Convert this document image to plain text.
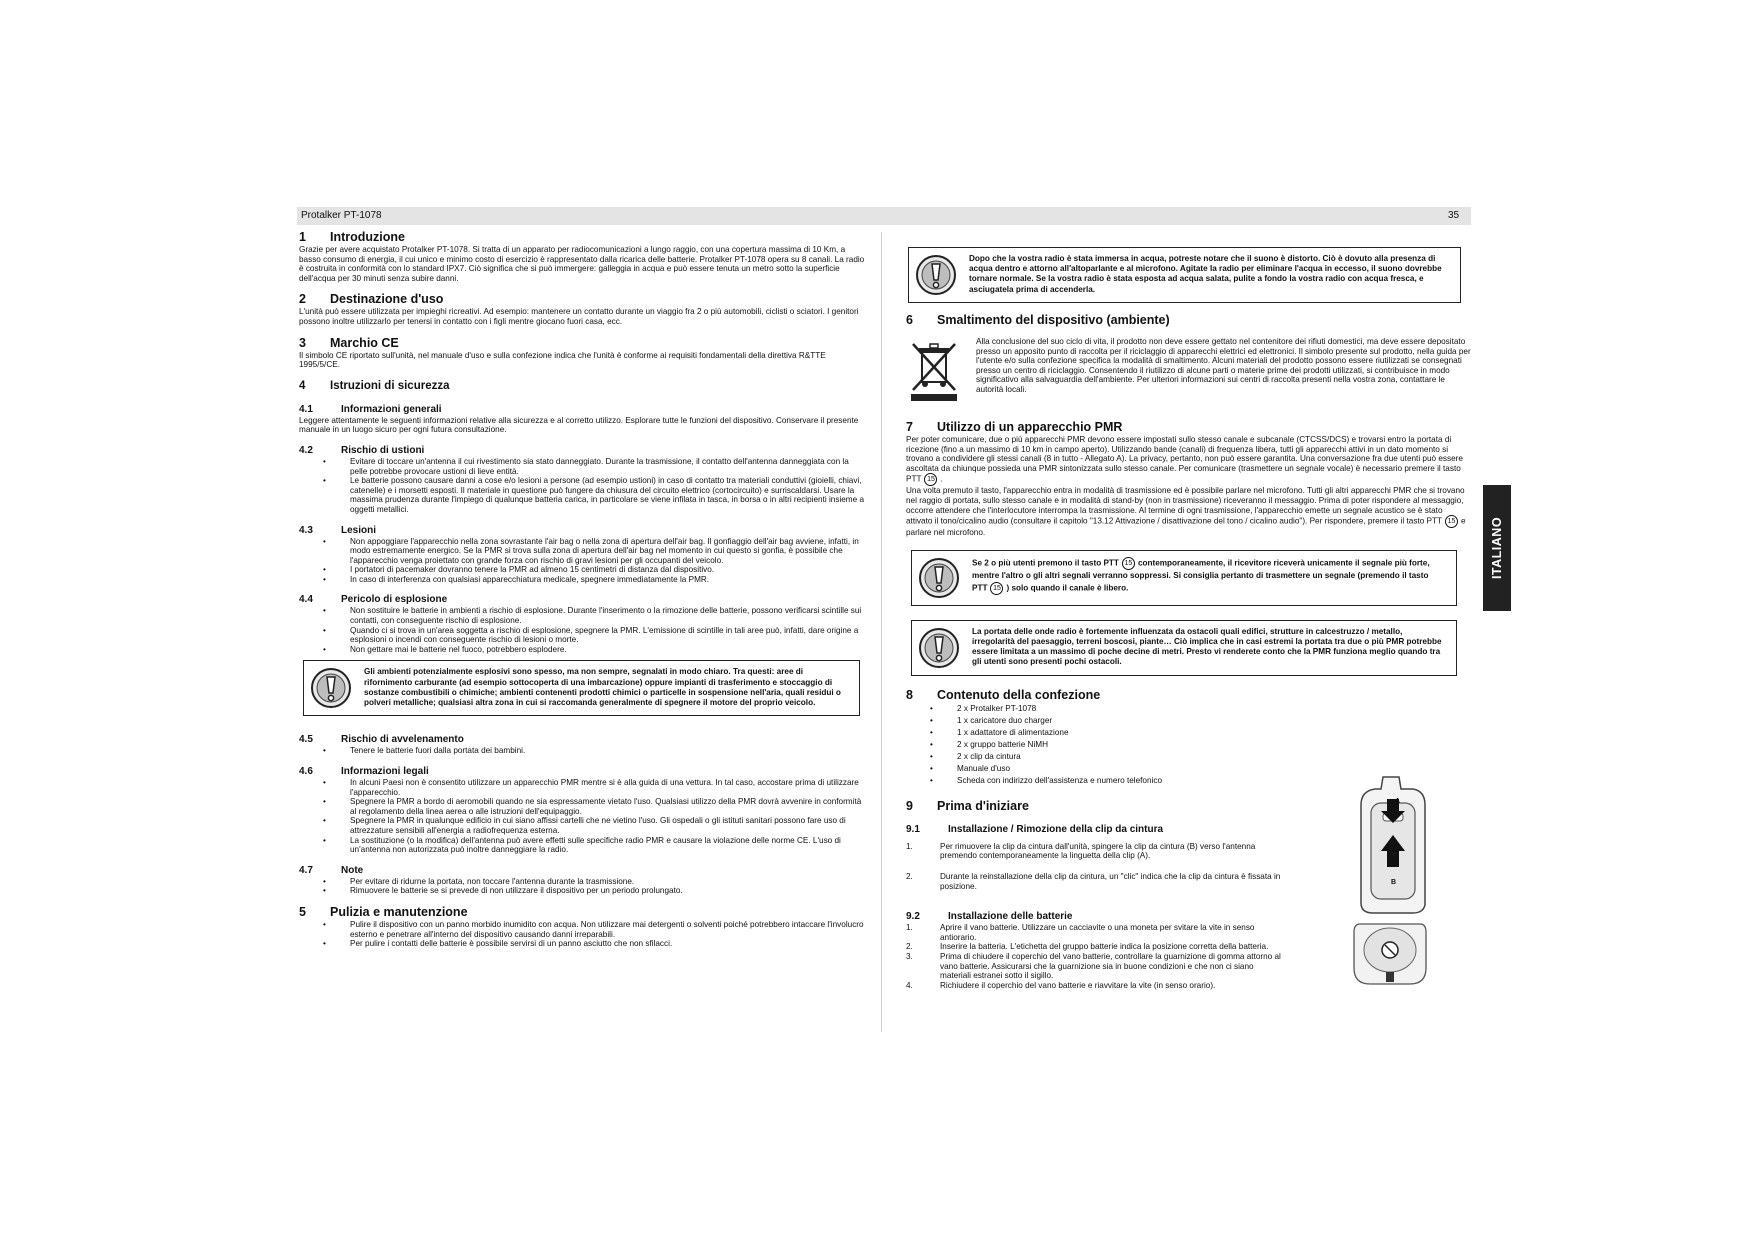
Protalker PT-1078	35
ITALIANO
1	Introduzione

Grazie per avere acquistato Protalker PT-1078. Si tratta di un apparato per radiocomunicazioni a lungo raggio, con una copertura massima di 10 Km, a basso consumo di energia, il cui unico e minimo costo di esercizio è rappresentato dalla ricarica delle batterie. Protalker PT-1078 opera su 8 canali. La radio è costruita in conformità con lo standard IPX7. Ciò significa che si può immergere: galleggia in acqua e può essere tenuta un metro sotto la superficie dell'acqua per 30 minuti senza subire danni.

2	Destinazione d'uso

L'unità può essere utilizzata per impieghi ricreativi. Ad esempio: mantenere un contatto durante un viaggio fra 2 o più automobili, ciclisti o sciatori. I genitori possono inoltre utilizzarlo per tenersi in contatto con i figli mentre giocano fuori casa, ecc.

3	Marchio CE

Il simbolo CE riportato sull'unità, nel manuale d'uso e sulla confezione indica che l'unità è conforme ai requisiti fondamentali della direttiva R&TTE 1995/5/CE.

4	Istruzioni di sicurezza
4.1	Informazioni generali

Leggere attentamente le seguenti informazioni relative alla sicurezza e al corretto utilizzo. Esplorare tutte le funzioni del dispositivo. Conservare il presente manuale in un luogo sicuro per ogni futura consultazione.

4.2	Rischio di ustioni
• Evitare di toccare un'antenna il cui rivestimento sia stato danneggiato. Durante la trasmissione, il contatto dell'antenna danneggiata con la pelle potrebbe provocare ustioni di lieve entità.
• Le batterie possono causare danni a cose e/o lesioni a persone (ad esempio ustioni) in caso di contatto tra materiali conduttivi (gioielli, chiavi, catenelle) e i morsetti esposti. Il materiale in questione può fungere da chiusura del circuito elettrico (cortocircuito) e surriscaldarsi. Usare la massima prudenza durante l'impiego di qualunque batteria carica, in particolare se viene infilata in tasca, in borsa o in altri recipienti insieme a oggetti metallici.
4.3	Lesioni
• Non appoggiare l'apparecchio nella zona sovrastante l'air bag o nella zona di apertura dell'air bag. Il gonfiaggio dell'air bag avviene, infatti, in modo estremamente energico. Se la PMR si trova sulla zona di apertura dell'air bag nel momento in cui questo si gonfia, è possibile che l'apparecchio venga proiettato con grande forza con rischio di gravi lesioni per gli occupanti del veicolo.
• I portatori di pacemaker dovranno tenere la PMR ad almeno 15 centimetri di distanza dal dispositivo.
• In caso di interferenza con qualsiasi apparecchiatura medicale, spegnere immediatamente la PMR.
4.4	Pericolo di esplosione
• Non sostituire le batterie in ambienti a rischio di esplosione. Durante l'inserimento o la rimozione delle batterie, possono verificarsi scintille sui contatti, con conseguente rischio di esplosione.
• Quando ci si trova in un'area soggetta a rischio di esplosione, spegnere la PMR. L'emissione di scintille in tali aree può, infatti, dare origine a esplosioni o incendi con conseguente rischio di lesioni o morte.
• Non gettare mai le batterie nel fuoco, potrebbero esplodere.
Gli ambienti potenzialmente esplosivi sono spesso, ma non sempre, segnalati in modo chiaro. Tra questi: aree di rifornimento carburante (ad esempio sottocoperta di una imbarcazione) oppure impianti di trasferimento e stoccaggio di sostanze combustibili o chimiche; ambienti contenenti prodotti chimici o particelle in sospensione nell'aria, quali residui o polveri metalliche; qualsiasi altra zona in cui si raccomanda generalmente di spegnere il motore del proprio veicolo.
4.5	Rischio di avvelenamento
• Tenere le batterie fuori dalla portata dei bambini.
4.6	Informazioni legali
• In alcuni Paesi non è consentito utilizzare un apparecchio PMR mentre si è alla guida di una vettura. In tal caso, accostare prima di utilizzare l'apparecchio.
• Spegnere la PMR a bordo di aeromobili quando ne sia espressamente vietato l'uso. Qualsiasi utilizzo della PMR dovrà avvenire in conformità al regolamento della linea aerea o alle istruzioni dell'equipaggio.
• Spegnere la PMR in qualunque edificio in cui siano affissi cartelli che ne vietino l'uso. Gli ospedali o gli istituti sanitari possono fare uso di attrezzature sensibili all'energia a radiofrequenza esterna.
• La sostituzione (o la modifica) dell'antenna può avere effetti sulle specifiche radio PMR e causare la violazione delle norme CE. L'uso di un'antenna non autorizzata può inoltre danneggiare la radio.
4.7	Note
• Per evitare di ridurne la portata, non toccare l'antenna durante la trasmissione.
• Rimuovere le batterie se si prevede di non utilizzare il dispositivo per un periodo prolungato.
5	Pulizia e manutenzione
• Pulire il dispositivo con un panno morbido inumidito con acqua. Non utilizzare mai detergenti o solventi poiché potrebbero intaccare l'involucro esterno e penetrare all'interno del dispositivo causando danni irreparabili.
• Per pulire i contatti delle batterie è possibile servirsi di un panno asciutto che non sfilacci.
Dopo che la vostra radio è stata immersa in acqua, potreste notare che il suono è distorto. Ciò è dovuto alla presenza di acqua dentro e attorno all'altoparlante e al microfono. Agitate la radio per eliminare l'acqua in eccesso, il suono dovrebbe tornare normale. Se la vostra radio è stata esposta ad acqua salata, pulite a fondo la vostra radio con acqua fresca, e asciugatela prima di accenderla.
6	Smaltimento del dispositivo (ambiente)

Alla conclusione del suo ciclo di vita, il prodotto non deve essere gettato nel contenitore dei rifiuti domestici, ma deve essere depositato presso un apposito punto di raccolta per il riciclaggio di apparecchi elettrici ed elettronici. Il simbolo presente sul prodotto, nella guida per l'utente e/o sulla confezione specifica la modalità di smaltimento. Alcuni materiali del prodotto possono essere riutilizzati se consegnati presso un centro di riciclaggio. Consentendo il riutilizzo di alcune parti o materie prime dei prodotti utilizzati, si contribuisce in modo significativo alla salvaguardia dell'ambiente. Per ulteriori informazioni sui centri di raccolta presenti nella vostra zona, contattare le autorità locali.

7	Utilizzo di un apparecchio PMR

Per poter comunicare, due o più apparecchi PMR devono essere impostati sullo stesso canale e subcanale (CTCSS/DCS) e trovarsi entro la portata di ricezione (fino a un massimo di 10 km in campo aperto). Utilizzando bande (canali) di frequenza libera, tutti gli apparecchi attivi in un dato momento si trovano a condividere gli stessi canali (8 in tutto - Allegato A). La privacy, pertanto, non può essere garantita. Una conversazione fra due utenti può essere ascoltata da chiunque possieda una PMR sintonizzata sullo stesso canale. Per comunicare (trasmettere un segnale vocale) è necessario premere il tasto PTT 15 .

Una volta premuto il tasto, l'apparecchio entra in modalità di trasmissione ed è possibile parlare nel microfono. Tutti gli altri apparecchi PMR che si trovano nel raggio di portata, sullo stesso canale e in modalità di stand-by (non in trasmissione) riceveranno il messaggio. Prima di poter rispondere al messaggio, occorre attendere che l'interlocutore interrompa la trasmissione. Al termine di ogni trasmissione, l'apparecchio emette un segnale acustico se è stato attivato il tono/cicalino audio (consultare il capitolo "13.12 Attivazione / disattivazione del tono / cicalino audio"). Per rispondere, premere il tasto PTT 15 e parlare nel microfono.

Se 2 o più utenti premono il tasto PTT 15 contemporaneamente, il ricevitore riceverà unicamente il segnale più forte, mentre l'altro o gli altri segnali verranno soppressi. Si consiglia pertanto di trasmettere un segnale (premendo il tasto PTT 15 ) solo quando il canale è libero.
La portata delle onde radio è fortemente influenzata da ostacoli quali edifici, strutture in calcestruzzo / metallo, irregolarità del paesaggio, terreni boscosi, piante… Ciò implica che in casi estremi la portata tra due o più PMR potrebbe essere limitata a un massimo di poche decine di metri. Presto vi renderete conto che la PMR funziona meglio quando tra gli utenti sono presenti pochi ostacoli.
8	Contenuto della confezione
• 2 x Protalker PT-1078
• 1 x caricatore duo charger
• 1 x adattatore di alimentazione
• 2 x gruppo batterie NiMH
• 2 x clip da cintura
• Manuale d'uso
• Scheda con indirizzo dell'assistenza e numero telefonico
9	Prima d'iniziare
9.1	Installazione / Rimozione della clip da cintura
1.	Per rimuovere la clip da cintura dall'unità, spingere la clip da cintura (B) verso l'antenna premendo contemporaneamente la linguetta della clip (A).
2.	Durante la reinstallazione della clip da cintura, un "clic" indica che la clip da cintura è fissata in posizione.
9.2	Installazione delle batterie
1.	Aprire il vano batterie. Utilizzare un cacciavite o una moneta per svitare la vite in senso antiorario.
2.	Inserire la batteria. L'etichetta del gruppo batterie indica la posizione corretta della batteria.
3.	Prima di chiudere il coperchio del vano batterie, controllare la guarnizione di gomma attorno al vano batterie. Assicurarsi che la guarnizione sia in buone condizioni e che non ci siano materiali estranei sotto il sigillo.
4.	Richiudere il coperchio del vano batterie e riavvitare la vite (in senso orario).
A
B
